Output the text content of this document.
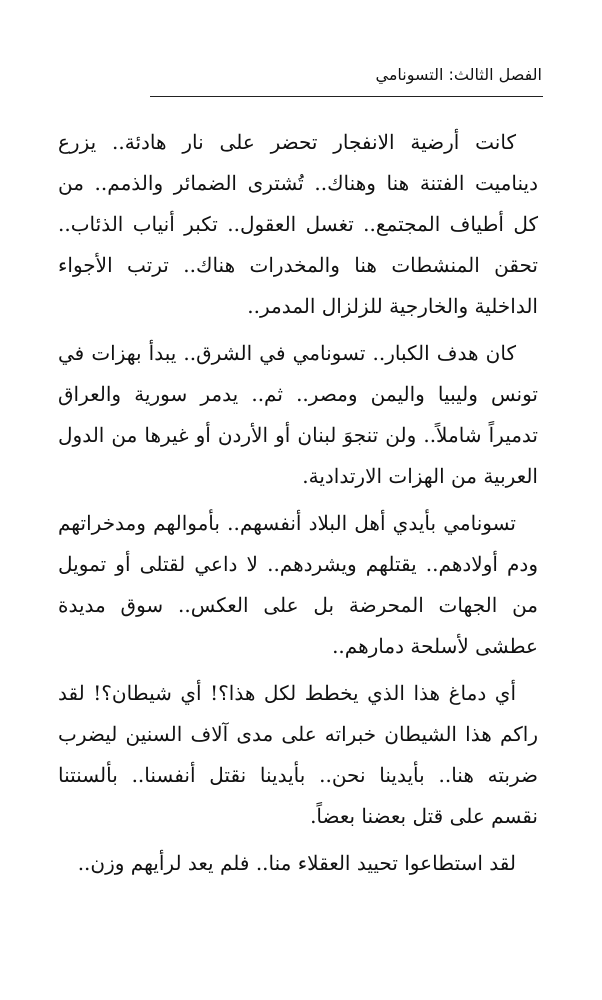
الفصل الثالث: التسونامي

كانت أرضية الانفجار تحضر على نار هادئة.. يزرع ديناميت الفتنة هنا وهناك.. تُشترى الضمائر والذمم.. من كل أطياف المجتمع.. تغسل العقول.. تكبر أنياب الذئاب.. تحقن المنشطات هنا والمخدرات هناك.. ترتب الأجواء الداخلية والخارجية للزلزال المدمر..

كان هدف الكبار.. تسونامي في الشرق.. يبدأ بهزات في تونس وليبيا واليمن ومصر.. ثم.. يدمر سورية والعراق تدميراً شاملاً.. ولن تنجوَ لبنان أو الأردن أو غيرها من الدول العربية من الهزات الارتدادية.

تسونامي بأيدي أهل البلاد أنفسهم.. بأموالهم ومدخراتهم ودم أولادهم.. يقتلهم ويشردهم.. لا داعي لقتلى أو تمويل من الجهات المحرضة بل على العكس.. سوق مديدة عطشى لأسلحة دمارهم..

أي دماغ هذا الذي يخطط لكل هذا؟! أي شيطان؟! لقد راكم هذا الشيطان خبراته على مدى آلاف السنين ليضرب ضربته هنا.. بأيدينا نحن.. بأيدينا نقتل أنفسنا.. بألسنتنا نقسم على قتل بعضنا بعضاً.

لقد استطاعوا تحييد العقلاء منا.. فلم يعد لرأيهم وزن..
